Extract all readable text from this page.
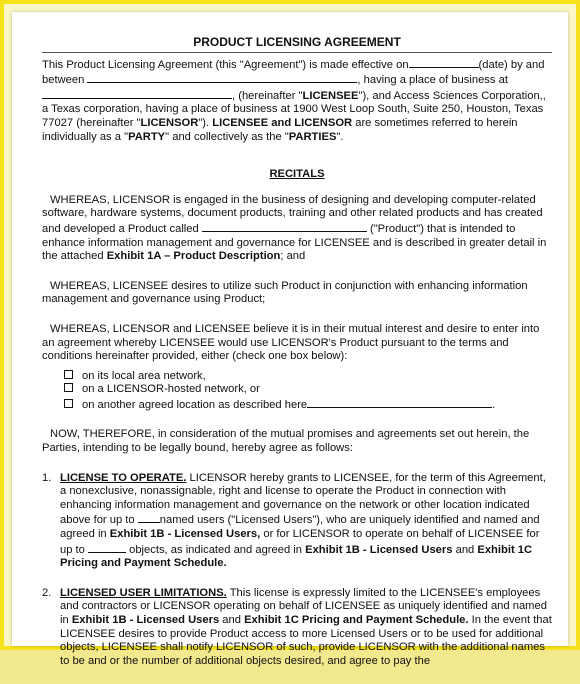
PRODUCT LICENSING AGREEMENT
This Product Licensing Agreement (this "Agreement") is made effective on	(date) by and between	, having a place of business at , (hereinafter "LICENSEE"), and Access Sciences Corporation,, a Texas corporation, having a place of business at 1900 West Loop South, Suite 250, Houston, Texas 77027 (hereinafter "LICENSOR"). LICENSEE and LICENSOR are sometimes referred to herein individually as a "PARTY" and collectively as the "PARTIES".
RECITALS
WHEREAS, LICENSOR is engaged in the business of designing and developing computer-related software, hardware systems, document products, training and other related products and has created and developed a Product called	("Product") that is intended to enhance information management and governance for LICENSEE and is described in greater detail in the attached Exhibit 1A – Product Description; and
WHEREAS, LICENSEE desires to utilize such Product in conjunction with enhancing information management and governance using Product;
WHEREAS, LICENSOR and LICENSEE believe it is in their mutual interest and desire to enter into an agreement whereby LICENSEE would use LICENSOR's Product pursuant to the terms and conditions hereinafter provided, either (check one box below):
on its local area network,
on a LICENSOR-hosted network, or
on another agreed location as described here	.
NOW, THEREFORE, in consideration of the mutual promises and agreements set out herein, the Parties, intending to be legally bound, hereby agree as follows:
1. LICENSE TO OPERATE. LICENSOR hereby grants to LICENSEE, for the term of this Agreement, a nonexclusive, nonassignable, right and license to operate the Product in connection with enhancing information management and governance on the network or other location indicated above for up to named users ("Licensed Users"), who are uniquely identified and named and agreed in Exhibit 1B - Licensed Users, or for LICENSOR to operate on behalf of LICENSEE for up to	objects, as indicated and agreed in Exhibit 1B - Licensed Users and Exhibit 1C Pricing and Payment Schedule.
2. LICENSED USER LIMITATIONS. This license is expressly limited to the LICENSEE's employees and contractors or LICENSOR operating on behalf of LICENSEE as uniquely identified and named in Exhibit 1B - Licensed Users and Exhibit 1C Pricing and Payment Schedule. In the event that LICENSEE desires to provide Product access to more Licensed Users or to be used for additional objects, LICENSEE shall notify LICENSOR of such, provide LICENSOR with the additional names to be and or the number of additional objects desired, and agree to pay the
